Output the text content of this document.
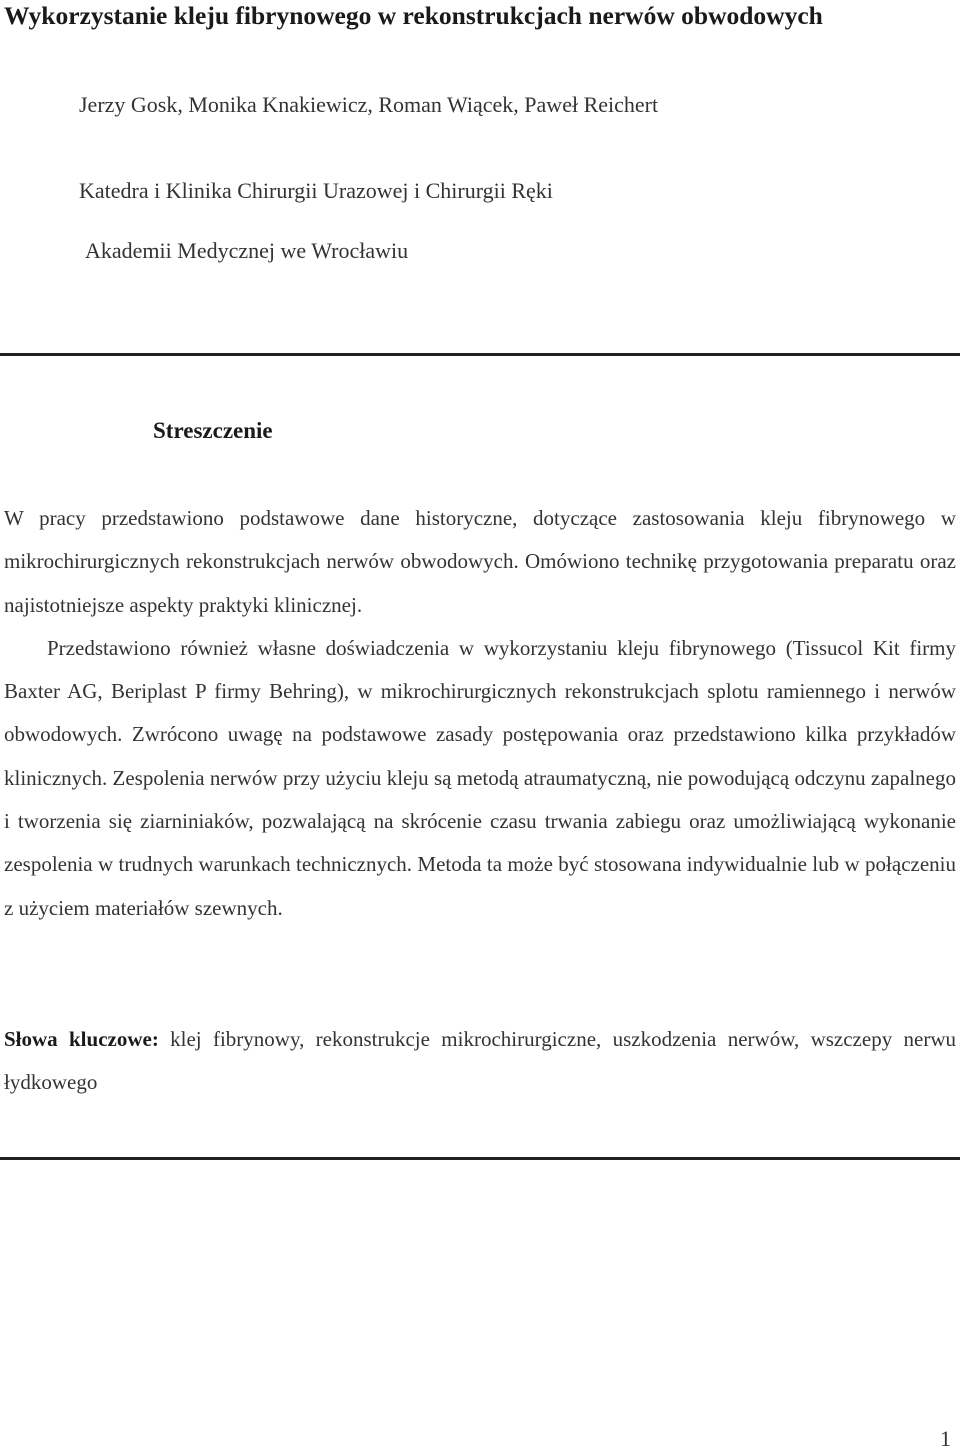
Wykorzystanie kleju fibrynowego w rekonstrukcjach nerwów obwodowych
Jerzy Gosk, Monika Knakiewicz, Roman Wiącek, Paweł Reichert
Katedra i Klinika Chirurgii Urazowej i Chirurgii Ręki
Akademii Medycznej we Wrocławiu
Streszczenie

W pracy przedstawiono podstawowe dane historyczne, dotyczące zastosowania kleju fibrynowego w mikrochirurgicznych rekonstrukcjach nerwów obwodowych. Omówiono technikę przygotowania preparatu oraz najistotniejsze aspekty praktyki klinicznej.

Przedstawiono również własne doświadczenia w wykorzystaniu kleju fibrynowego (Tissucol Kit firmy Baxter AG, Beriplast P firmy Behring), w mikrochirurgicznych rekonstrukcjach splotu ramiennego i nerwów obwodowych. Zwrócono uwagę na podstawowe zasady postępowania oraz przedstawiono kilka przykładów klinicznych. Zespolenia nerwów przy użyciu kleju są metodą atraumatyczną, nie powodującą odczynu zapalnego i tworzenia się ziarniniaków, pozwalającą na skrócenie czasu trwania zabiegu oraz umożliwiającą wykonanie zespolenia w trudnych warunkach technicznych. Metoda ta może być stosowana indywidualnie lub w połączeniu z użyciem materiałów szewnych.

Słowa kluczowe: klej fibrynowy, rekonstrukcje mikrochirurgiczne, uszkodzenia nerwów, wszczepy nerwu łydkowego
1
